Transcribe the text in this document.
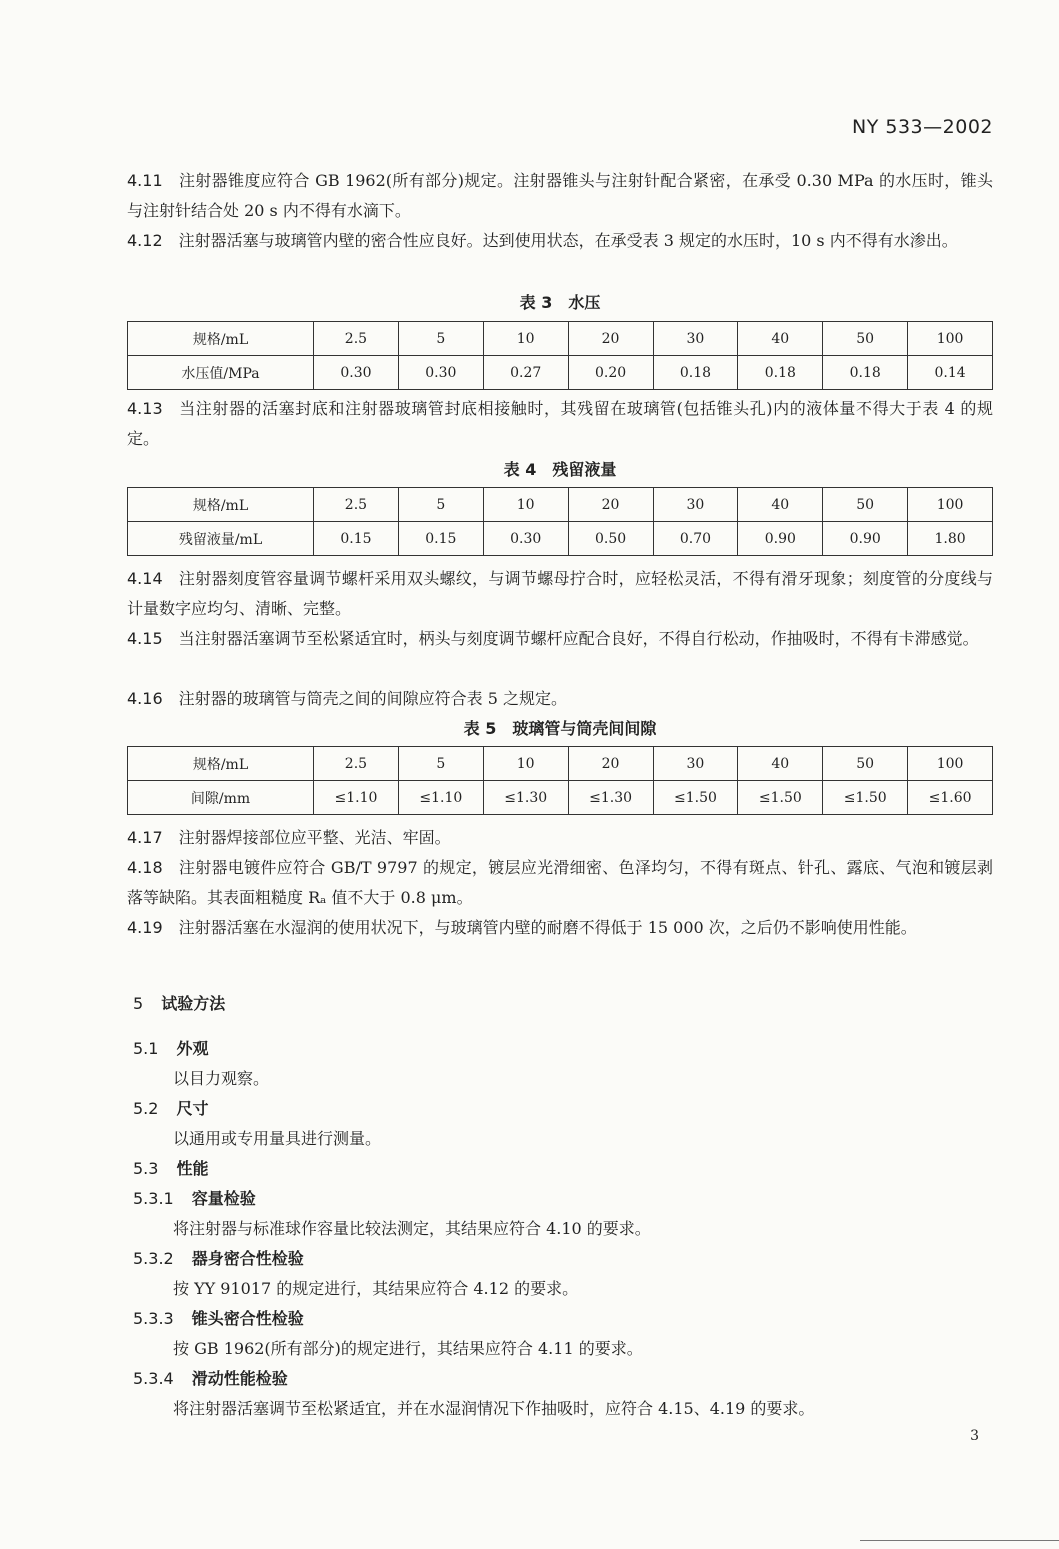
NY 533—2002
4.11 注射器锥度应符合 GB 1962(所有部分)规定。注射器锥头与注射针配合紧密，在承受 0.30 MPa 的水压时，锥头与注射针结合处 20 s 内不得有水滴下。
4.12 注射器活塞与玻璃管内壁的密合性应良好。达到使用状态，在承受表 3 规定的水压时，10 s 内不得有水渗出。
表 3　水压
规格/mL	2.5	5	10	20	30	40	50	100
水压值/MPa	0.30	0.30	0.27	0.20	0.18	0.18	0.18	0.14
4.13 当注射器的活塞封底和注射器玻璃管封底相接触时，其残留在玻璃管(包括锥头孔)内的液体量不得大于表 4 的规定。
表 4　残留液量
规格/mL	2.5	5	10	20	30	40	50	100
残留液量/mL	0.15	0.15	0.30	0.50	0.70	0.90	0.90	1.80
4.14 注射器刻度管容量调节螺杆采用双头螺纹，与调节螺母拧合时，应轻松灵活，不得有滑牙现象；刻度管的分度线与计量数字应均匀、清晰、完整。
4.15 当注射器活塞调节至松紧适宜时，柄头与刻度调节螺杆应配合良好，不得自行松动，作抽吸时，不得有卡滞感觉。
4.16 注射器的玻璃管与筒壳之间的间隙应符合表 5 之规定。
表 5　玻璃管与筒壳间间隙
规格/mL	2.5	5	10	20	30	40	50	100
间隙/mm	≤1.10	≤1.10	≤1.30	≤1.30	≤1.50	≤1.50	≤1.50	≤1.60
4.17 注射器焊接部位应平整、光洁、牢固。
4.18 注射器电镀件应符合 GB/T 9797 的规定，镀层应光滑细密、色泽均匀，不得有斑点、针孔、露底、气泡和镀层剥落等缺陷。其表面粗糙度 Rₐ 值不大于 0.8 μm。
4.19 注射器活塞在水湿润的使用状况下，与玻璃管内壁的耐磨不得低于 15 000 次，之后仍不影响使用性能。
5 试验方法
5.1 外观
以目力观察。
5.2 尺寸
以通用或专用量具进行测量。
5.3 性能
5.3.1 容量检验
将注射器与标准球作容量比较法测定，其结果应符合 4.10 的要求。
5.3.2 器身密合性检验
按 YY 91017 的规定进行，其结果应符合 4.12 的要求。
5.3.3 锥头密合性检验
按 GB 1962(所有部分)的规定进行，其结果应符合 4.11 的要求。
5.3.4 滑动性能检验
将注射器活塞调节至松紧适宜，并在水湿润情况下作抽吸时，应符合 4.15、4.19 的要求。
3
